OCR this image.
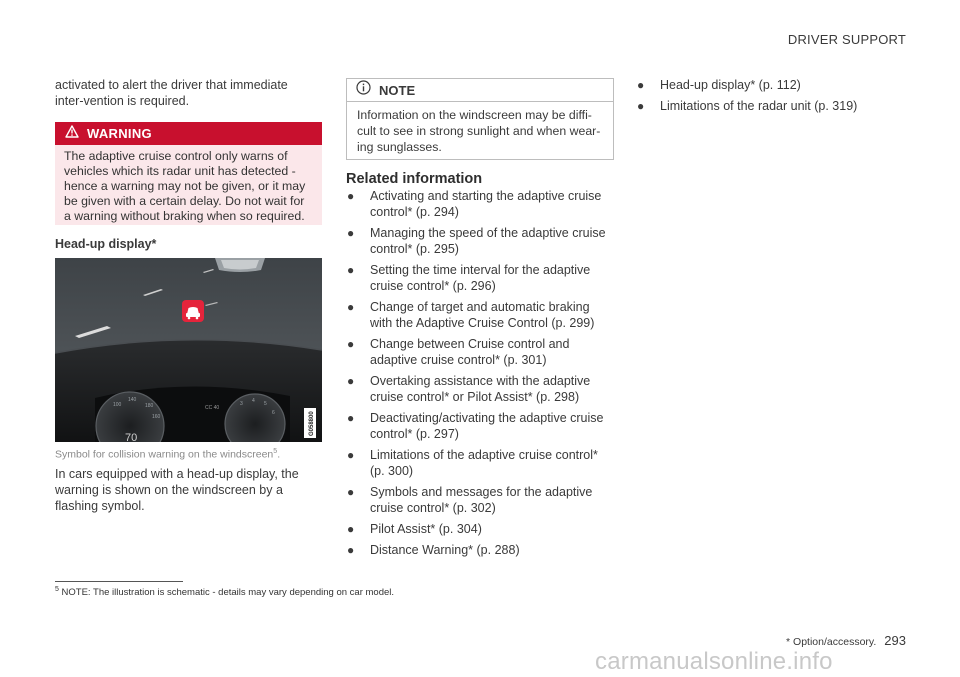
DRIVER SUPPORT

activated to alert the driver that immediate inter-vention is required.

WARNING
The adaptive cruise control only warns of vehicles which its radar unit has detected - hence a warning may not be given, or it may be given with a certain delay. Do not wait for a warning without braking when so required.
Head-up display*
100
140
180
160
3 4 5
6
70
CC 40
G058800
Symbol for collision warning on the windscreen$^5$.

In cars equipped with a head-up display, the warning is shown on the windscreen by a flashing symbol.

NOTE
Information on the windscreen may be diffi-cult to see in strong sunlight and when wear-ing sunglasses.
Related information
● Activating and starting the adaptive cruise control* (p. 294)
● Managing the speed of the adaptive cruise control* (p. 295)
● Setting the time interval for the adaptive cruise control* (p. 296)
● Change of target and automatic braking with the Adaptive Cruise Control (p. 299)
● Change between Cruise control and adaptive cruise control* (p. 301)
● Overtaking assistance with the adaptive cruise control* or Pilot Assist* (p. 298)
● Deactivating/activating the adaptive cruise control* (p. 297)
● Limitations of the adaptive cruise control* (p. 300)
● Symbols and messages for the adaptive cruise control* (p. 302)
● Pilot Assist* (p. 304)
● Distance Warning* (p. 288)
● Head-up display* (p. 112)
● Limitations of the radar unit (p. 319)
$^5$ NOTE: The illustration is schematic - details may vary depending on car model.
* Option/accessory. 293
carmanualsonline.info
